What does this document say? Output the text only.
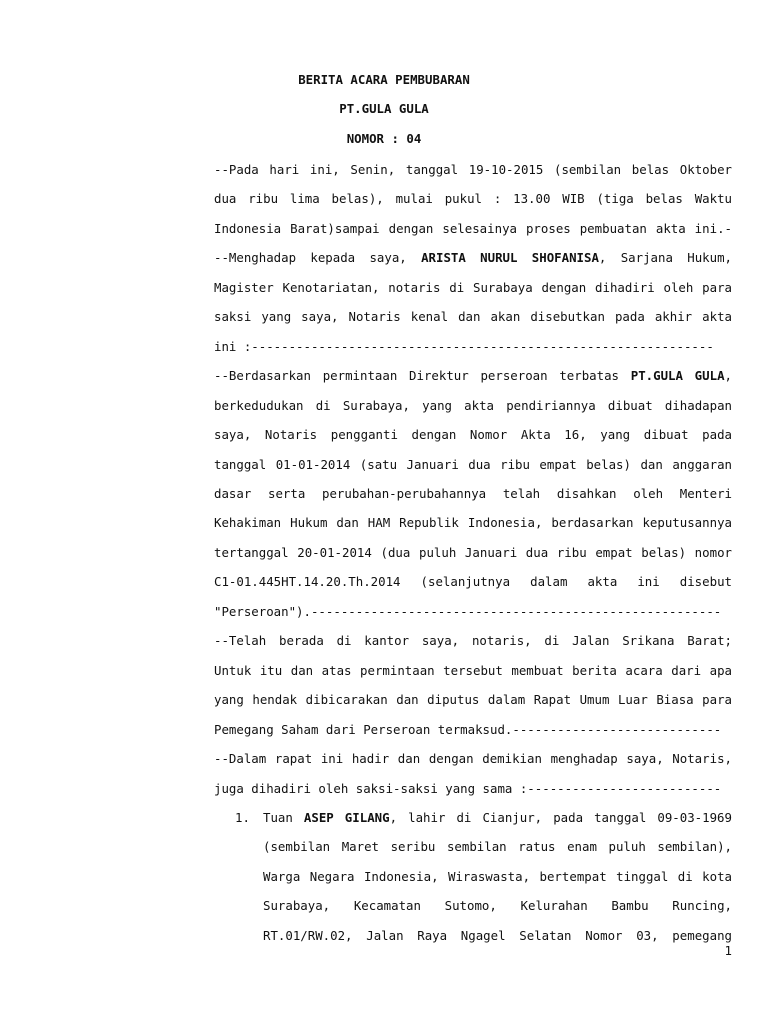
BERITA ACARA PEMBUBARAN
PT.GULA GULA
NOMOR : 04
--Pada hari ini, Senin, tanggal 19-10-2015 (sembilan belas Oktober
dua ribu lima belas), mulai pukul : 13.00 WIB (tiga belas Waktu
Indonesia Barat)sampai dengan selesainya proses pembuatan akta ini.-
--Menghadap kepada saya, ARISTA NURUL SHOFANISA, Sarjana Hukum,
Magister Kenotariatan, notaris di Surabaya dengan dihadiri oleh para
saksi yang saya, Notaris kenal dan akan disebutkan pada akhir akta
ini :--------------------------------------------------------------
--Berdasarkan permintaan Direktur perseroan terbatas PT.GULA GULA,
berkedudukan di Surabaya, yang akta pendiriannya dibuat dihadapan
saya, Notaris pengganti dengan Nomor Akta 16, yang dibuat pada
tanggal 01-01-2014 (satu Januari dua ribu empat belas) dan anggaran
dasar serta perubahan-perubahannya telah disahkan oleh Menteri
Kehakiman Hukum dan HAM Republik Indonesia, berdasarkan keputusannya
tertanggal 20-01-2014 (dua puluh Januari dua ribu empat belas) nomor
C1-01.445HT.14.20.Th.2014 (selanjutnya dalam akta ini disebut
"Perseroan").-------------------------------------------------------
--Telah berada di kantor saya, notaris, di Jalan Srikana Barat;
Untuk itu dan atas permintaan tersebut membuat berita acara dari apa
yang hendak dibicarakan dan diputus dalam Rapat Umum Luar Biasa para
Pemegang Saham dari Perseroan termaksud.----------------------------
--Dalam rapat ini hadir dan dengan demikian menghadap saya, Notaris,
juga dihadiri oleh saksi-saksi yang sama :--------------------------
1. Tuan ASEP GILANG, lahir di Cianjur, pada tanggal 09-03-1969
(sembilan Maret seribu sembilan ratus enam puluh sembilan),
Warga Negara Indonesia, Wiraswasta, bertempat tinggal di kota
Surabaya, Kecamatan Sutomo, Kelurahan Bambu Runcing,
RT.01/RW.02, Jalan Raya Ngagel Selatan Nomor 03, pemegang
1
